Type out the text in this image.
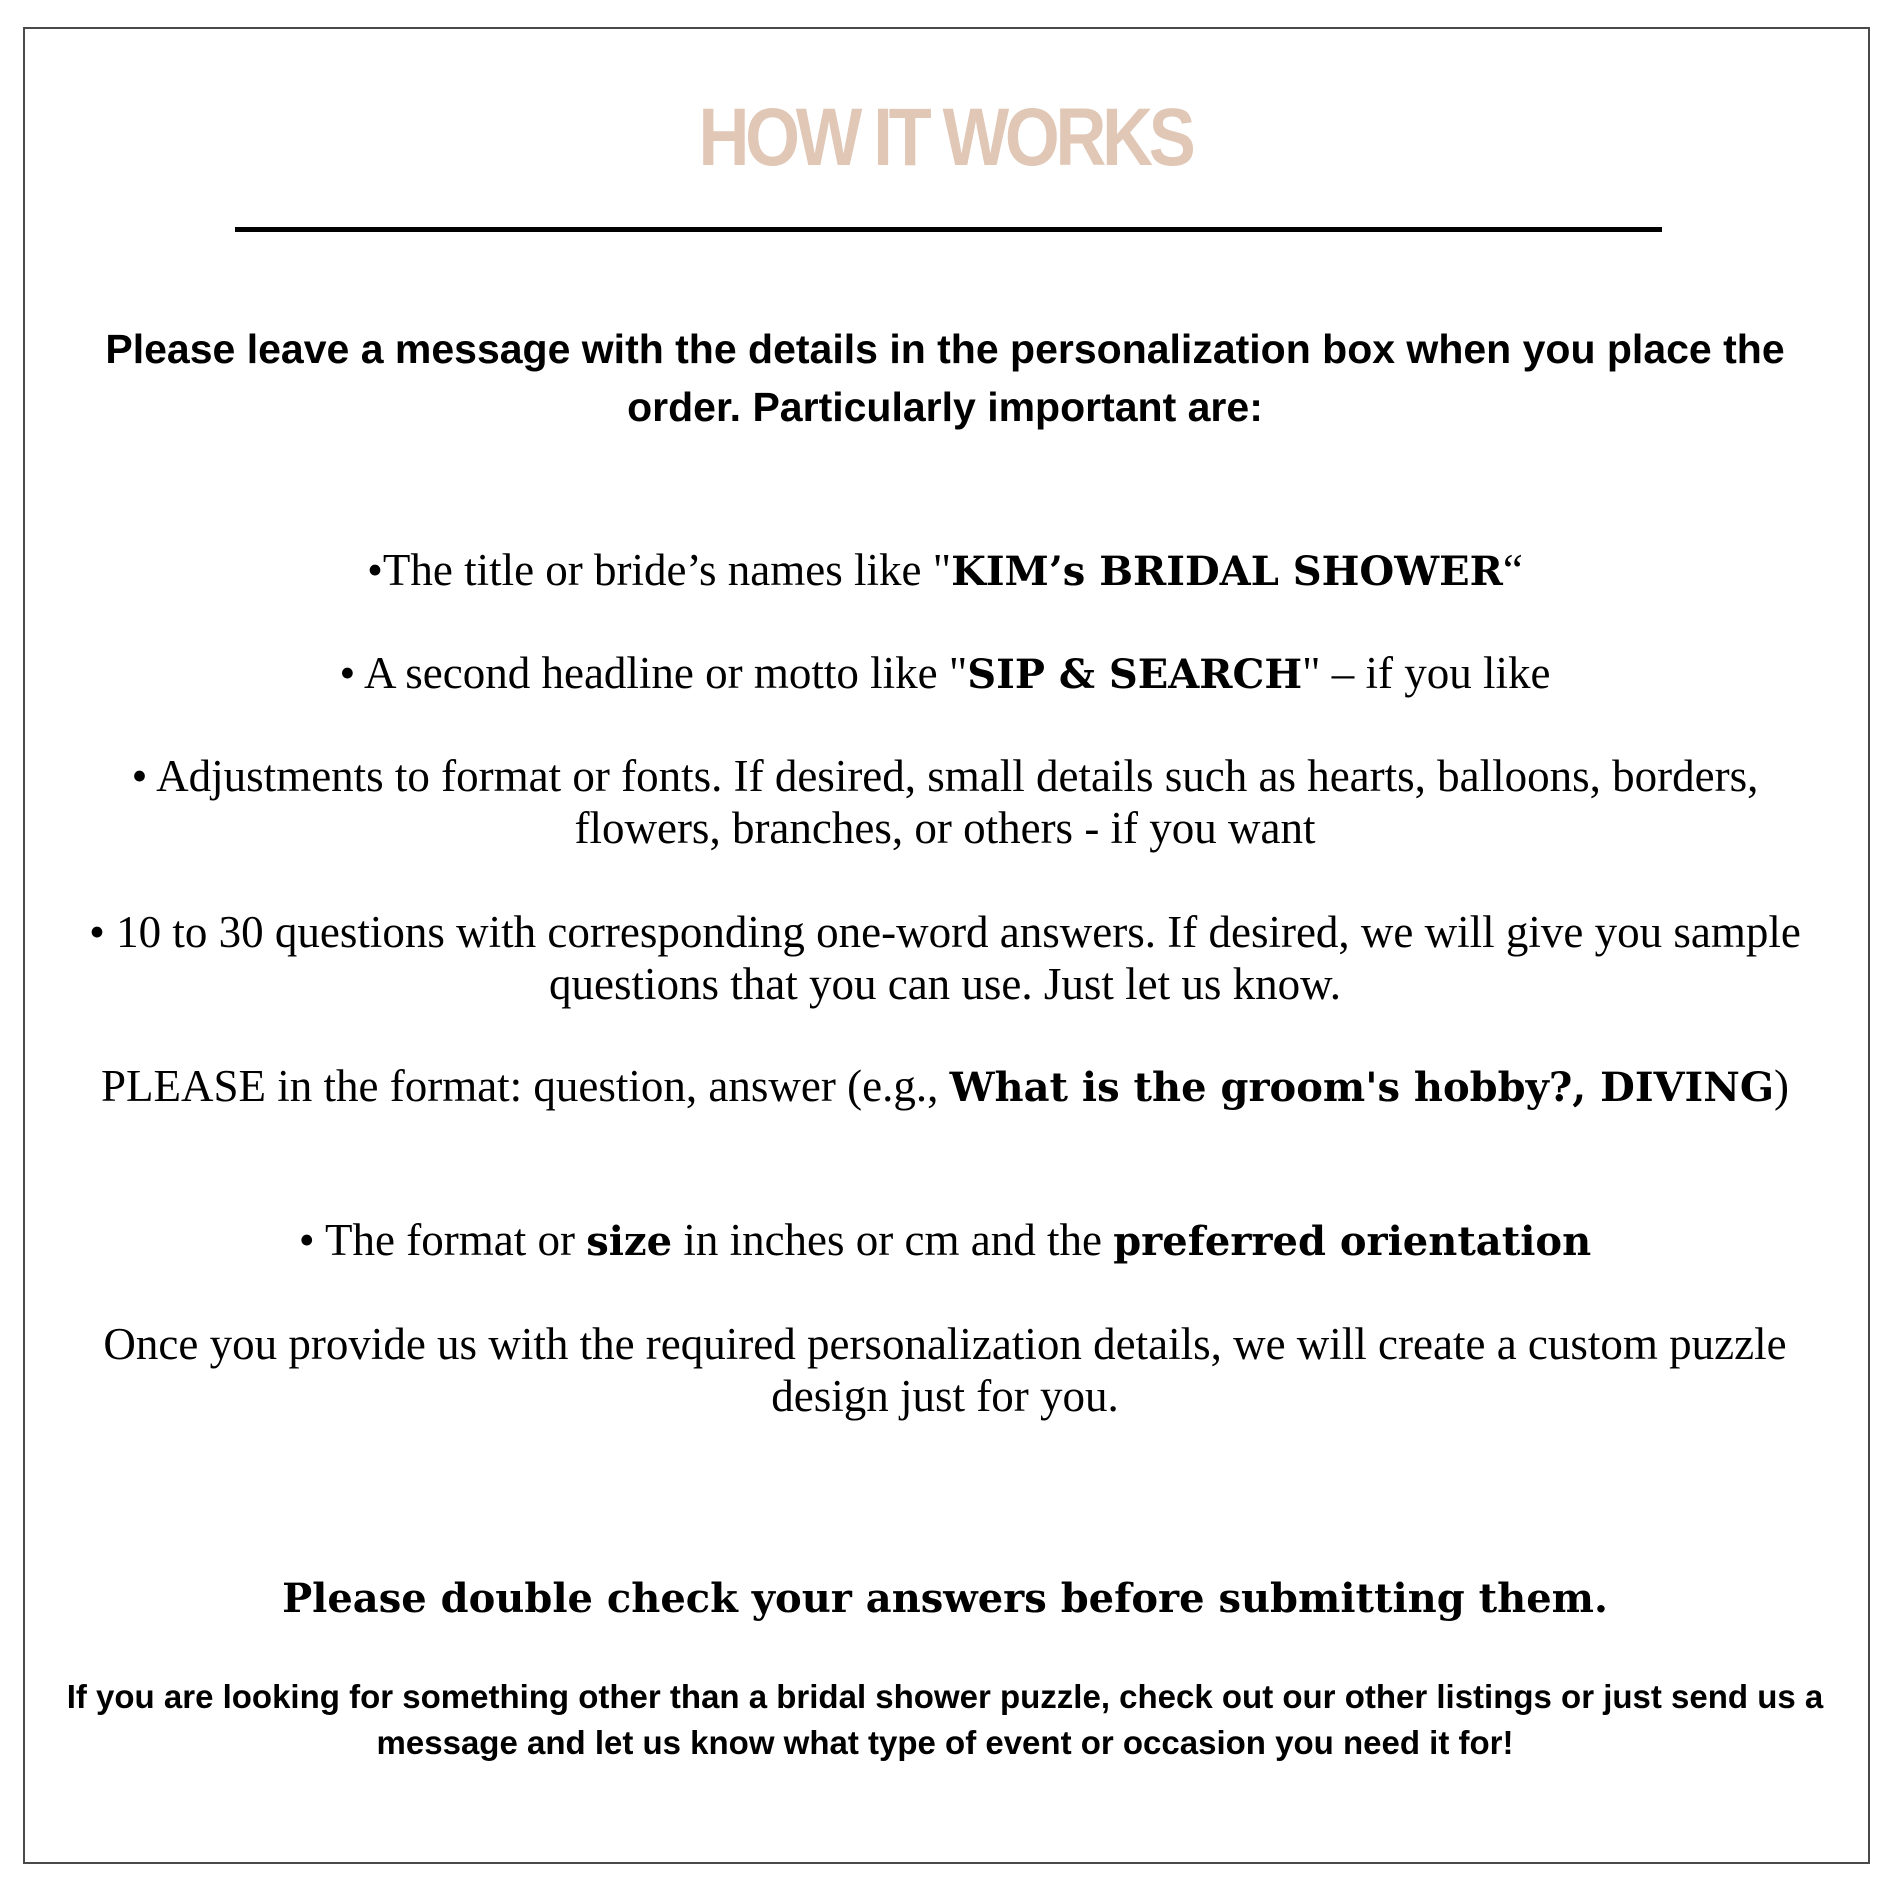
HOW IT WORKS
Please leave a message with the details in the personalization box when you place the order. Particularly important are:
•The title or bride’s names like "KIM’s BRIDAL SHOWER“
• A second headline or motto like "SIP & SEARCH" – if you like
• Adjustments to format or fonts. If desired, small details such as hearts, balloons, borders, flowers, branches, or others - if you want
• 10 to 30 questions with corresponding one-word answers. If desired, we will give you sample questions that you can use. Just let us know.
PLEASE in the format: question, answer (e.g., What is the groom's hobby?, DIVING)
• The format or size in inches or cm and the preferred orientation
Once you provide us with the required personalization details, we will create a custom puzzle design just for you.
Please double check your answers before submitting them.
If you are looking for something other than a bridal shower puzzle, check out our other listings or just send us a message and let us know what type of event or occasion you need it for!
